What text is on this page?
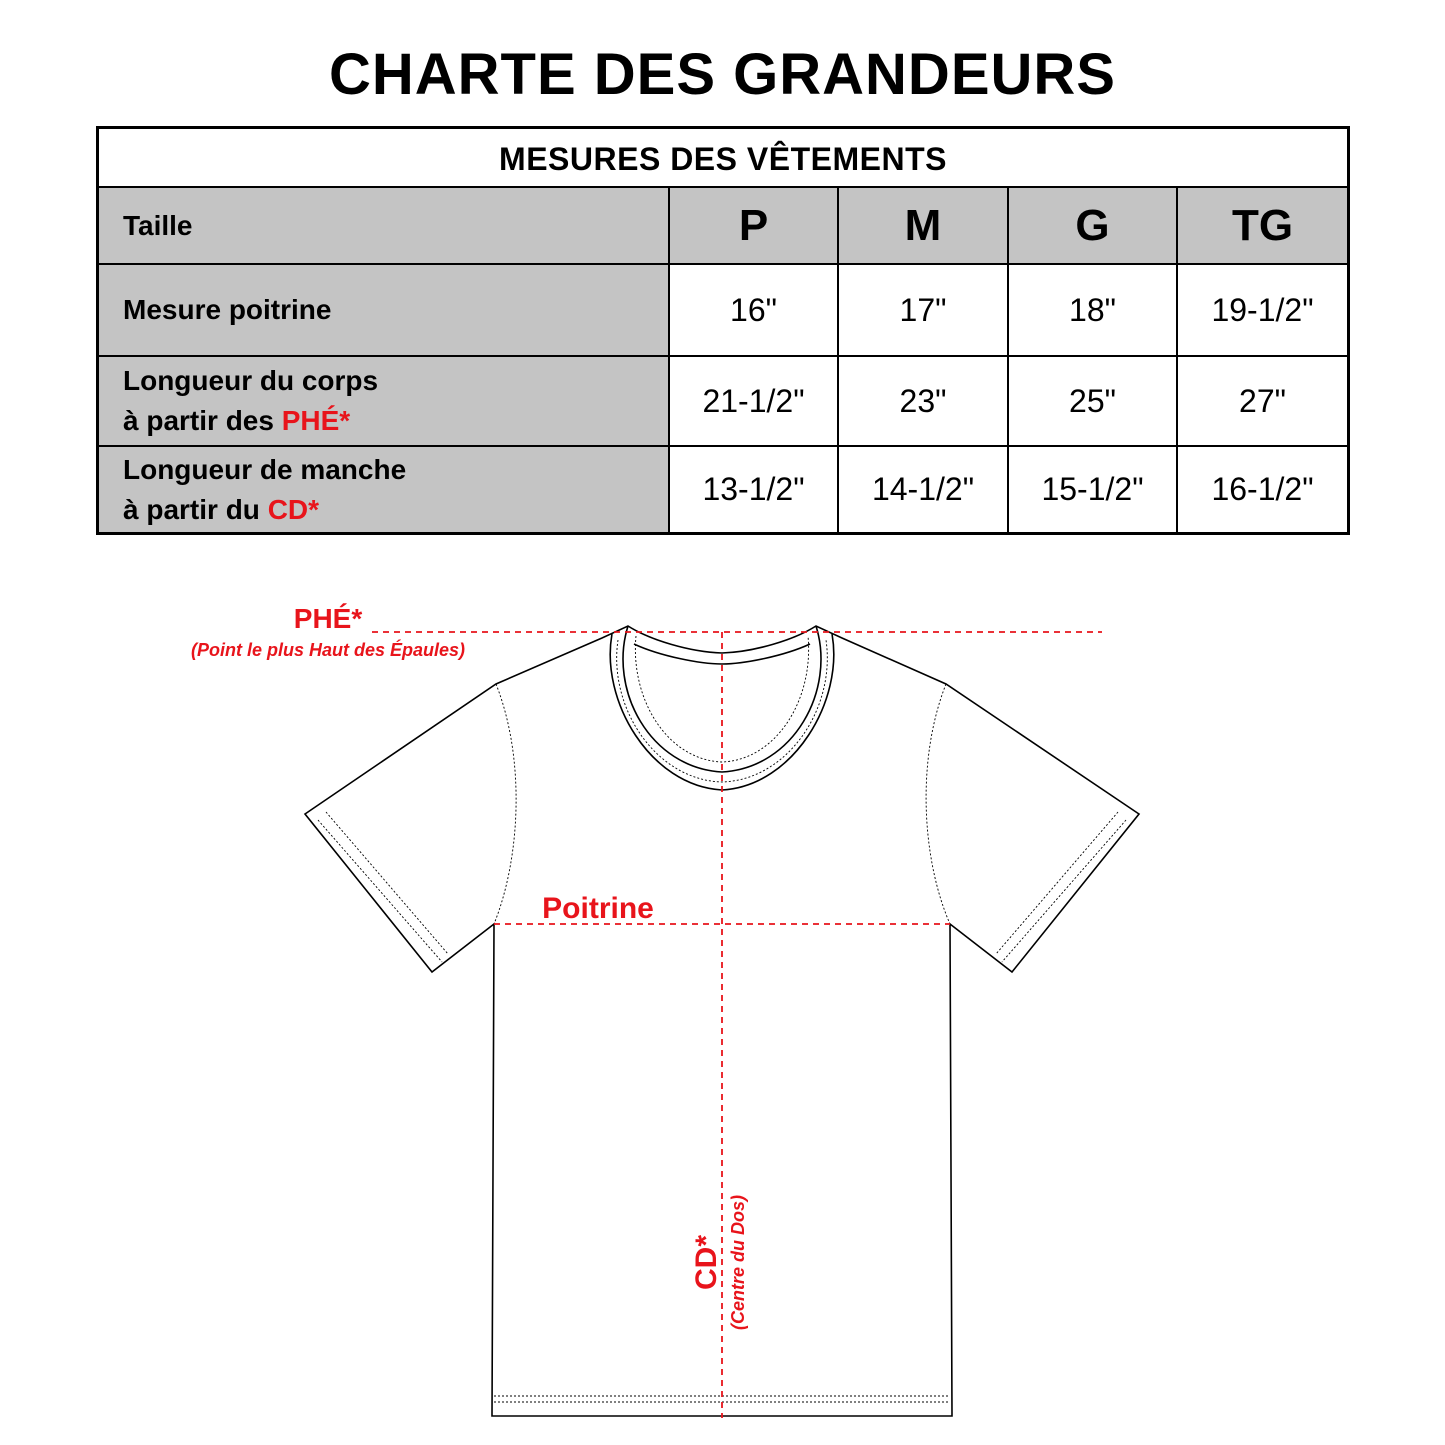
CHARTE DES GRANDEURS
MESURES DES VÊTEMENTS
Taille	P	M	G	TG
Mesure poitrine	16"	17"	18"	19-1/2"
Longueur du corps
à partir des PHÉ*
21-1/2"	23"	25"	27"
Longueur de manche
à partir du CD*
13-1/2" 14-1/2" 15-1/2" 16-1/2"
PHÉ*
(Point le plus Haut des Épaules)
Poitrine
CD* (Centre du Dos)
